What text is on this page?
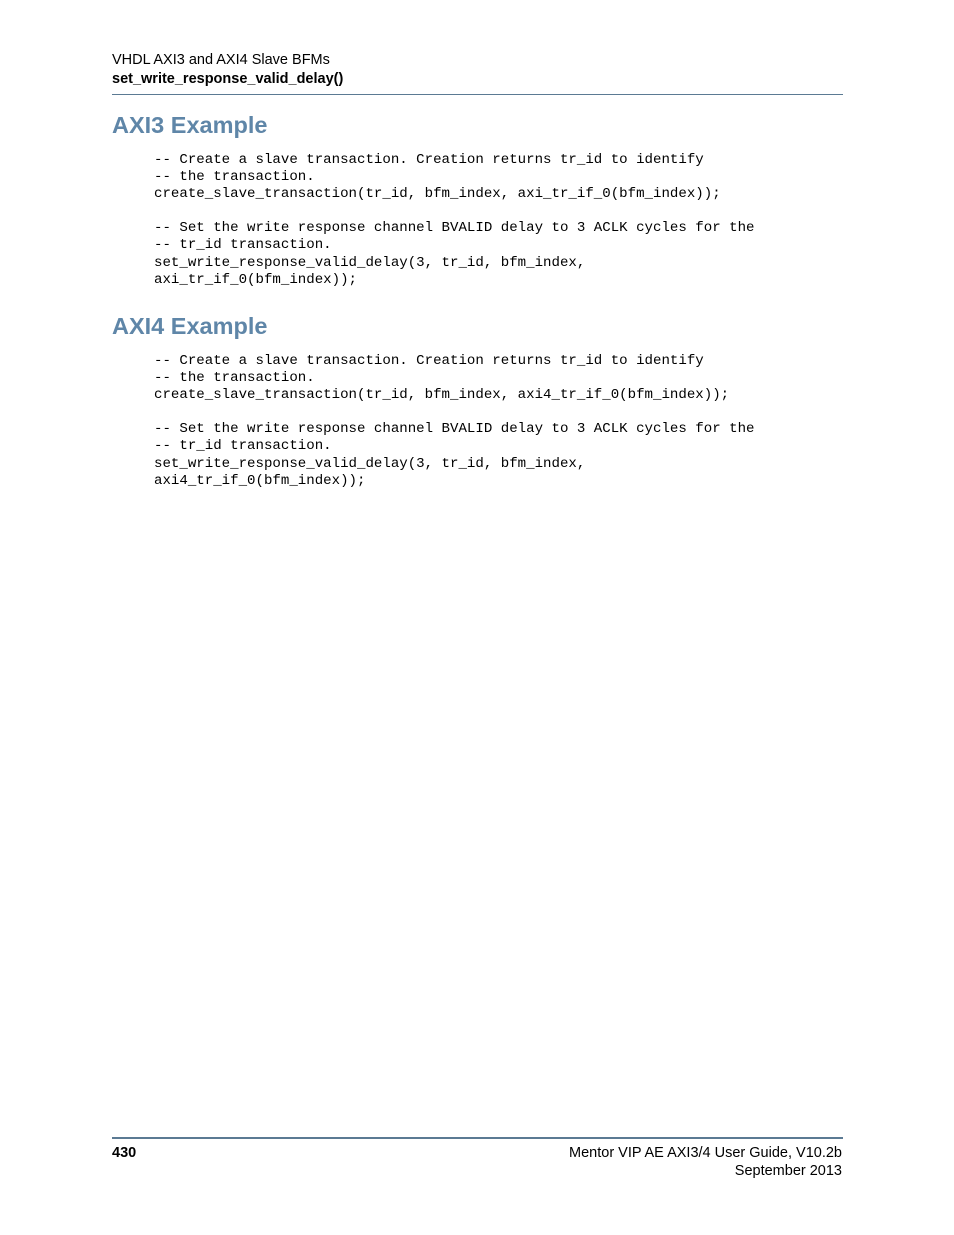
VHDL AXI3 and AXI4 Slave BFMs
set_write_response_valid_delay()
AXI3 Example
-- Create a slave transaction. Creation returns tr_id to identify
-- the transaction.
create_slave_transaction(tr_id, bfm_index, axi_tr_if_0(bfm_index));

-- Set the write response channel BVALID delay to 3 ACLK cycles for the
-- tr_id transaction.
set_write_response_valid_delay(3, tr_id, bfm_index,
axi_tr_if_0(bfm_index));
AXI4 Example
-- Create a slave transaction. Creation returns tr_id to identify
-- the transaction.
create_slave_transaction(tr_id, bfm_index, axi4_tr_if_0(bfm_index));

-- Set the write response channel BVALID delay to 3 ACLK cycles for the
-- tr_id transaction.
set_write_response_valid_delay(3, tr_id, bfm_index,
axi4_tr_if_0(bfm_index));
430	Mentor VIP AE AXI3/4 User Guide, V10.2b
September 2013
